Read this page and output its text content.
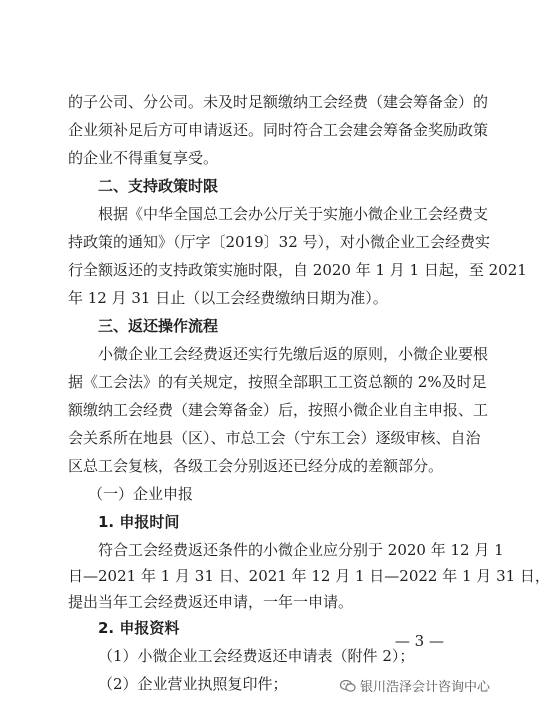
的子公司、分公司。未及时足额缴纳工会经费（建会筹备金）的
企业须补足后方可申请返还。同时符合工会建会筹备金奖励政策
的企业不得重复享受。
二、支持政策时限
根据《中华全国总工会办公厅关于实施小微企业工会经费支
持政策的通知》（厅字〔2019〕32 号），对小微企业工会经费实
行全额返还的支持政策实施时限，自 2020 年 1 月 1 日起，至 2021
年 12 月 31 日止（以工会经费缴纳日期为准）。
三、返还操作流程
小微企业工会经费返还实行先缴后返的原则，小微企业要根
据《工会法》的有关规定，按照全部职工工资总额的 2%及时足
额缴纳工会经费（建会筹备金）后，按照小微企业自主申报、工
会关系所在地县（区）、市总工会（宁东工会）逐级审核、自治
区总工会复核，各级工会分别返还已经分成的差额部分。
（一）企业申报
1. 申报时间
符合工会经费返还条件的小微企业应分别于 2020 年 12 月 1
日—2021 年 1 月 31 日、2021 年 12 月 1 日—2022 年 1 月 31 日，
提出当年工会经费返还申请，一年一申请。
2. 申报资料
（1）小微企业工会经费返还申请表（附件 2）；
（2）企业营业执照复印件；
— 3 —
银川浩泽会计咨询中心
